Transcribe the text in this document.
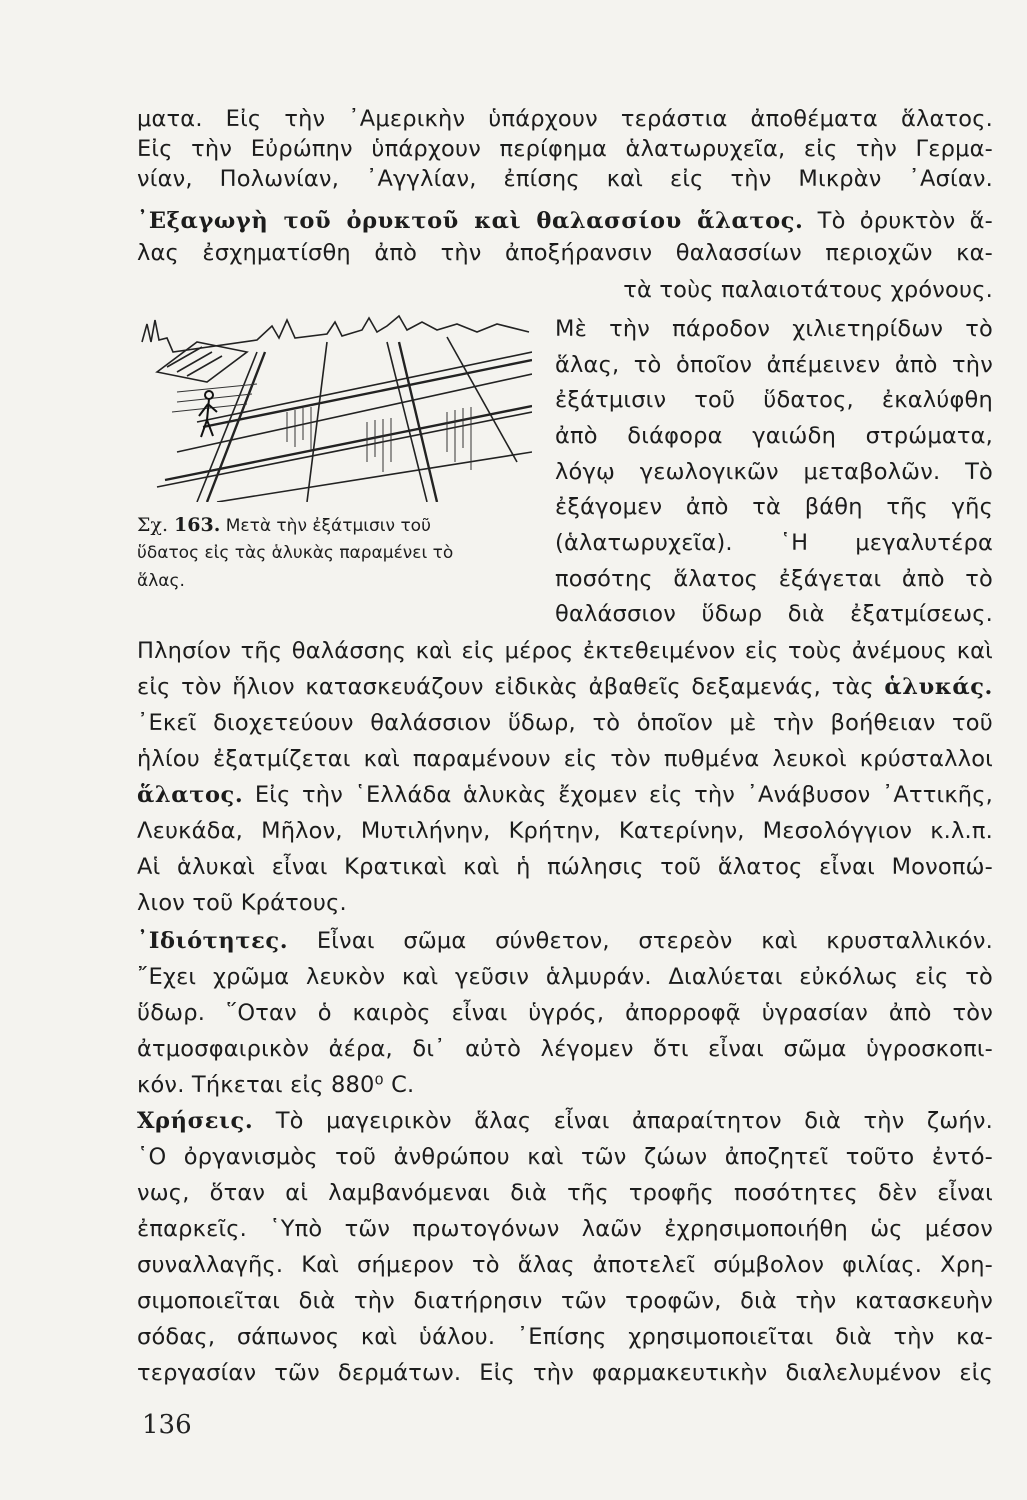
ματα. Εἰς τὴν ᾿Αμερικὴν ὑπάρχουν τεράστια ἀποθέματα ἅλατος.
Εἰς τὴν Εὐρώπην ὑπάρχουν περίφημα ἁλατωρυχεῖα, εἰς τὴν Γερμα-
νίαν, Πολωνίαν, ᾿Αγγλίαν, ἐπίσης καὶ εἰς τὴν Μικρὰν ᾿Ασίαν.
᾿Εξαγωγὴ τοῦ ὀρυκτοῦ καὶ θαλασσίου ἅλατος. Τὸ ὀρυκτὸν ἅ-
λας ἐσχηματίσθη ἀπὸ τὴν ἀποξήρανσιν θαλασσίων περιοχῶν κα-
τὰ τοὺς παλαιοτάτους χρόνους.
Μὲ τὴν πάροδον χιλιετηρίδων τὸ
ἅλας, τὸ ὁποῖον ἀπέμεινεν ἀπὸ τὴν
ἐξάτμισιν τοῦ ὕδατος, ἐκαλύφθη
ἀπὸ διάφορα γαιώδη στρώματα,
λόγῳ γεωλογικῶν μεταβολῶν. Τὸ
ἐξάγομεν ἀπὸ τὰ βάθη τῆς γῆς
(ἁλατωρυχεῖα). ῾Η μεγαλυτέρα
ποσότης ἅλατος ἐξάγεται ἀπὸ τὸ
θαλάσσιον ὕδωρ διὰ ἐξατμίσεως.
Σχ. 163. Μετὰ τὴν ἐξάτμισιν τοῦ
ὕδατος εἰς τὰς ἁλυκὰς παραμένει τὸ
ἅλας.
Πλησίον τῆς θαλάσσης καὶ εἰς μέρος ἐκτεθειμένον εἰς τοὺς ἀνέμους καὶ
εἰς τὸν ἥλιον κατασκευάζουν εἰδικὰς ἀβαθεῖς δεξαμενάς, τὰς ἁλυκάς.
᾿Εκεῖ διοχετεύουν θαλάσσιον ὕδωρ, τὸ ὁποῖον μὲ τὴν βοήθειαν τοῦ
ἡλίου ἐξατμίζεται καὶ παραμένουν εἰς τὸν πυθμένα λευκοὶ κρύσταλλοι
ἅλατος. Εἰς τὴν ῾Ελλάδα ἁλυκὰς ἔχομεν εἰς τὴν ᾿Ανάβυσον ᾿Αττικῆς,
Λευκάδα, Μῆλον, Μυτιλήνην, Κρήτην, Κατερίνην, Μεσολόγγιον κ.λ.π.
Αἱ ἁλυκαὶ εἶναι Κρατικαὶ καὶ ἡ πώλησις τοῦ ἅλατος εἶναι Μονοπώ-
λιον τοῦ Κράτους.
᾿Ιδιότητες. Εἶναι σῶμα σύνθετον, στερεὸν καὶ κρυσταλλικόν.
῎Εχει χρῶμα λευκὸν καὶ γεῦσιν ἁλμυράν. Διαλύεται εὐκόλως εἰς τὸ
ὕδωρ. ῞Οταν ὁ καιρὸς εἶναι ὑγρός, ἀπορροφᾷ ὑγρασίαν ἀπὸ τὸν
ἀτμοσφαιρικὸν ἀέρα, δι᾿ αὐτὸ λέγομεν ὅτι εἶναι σῶμα ὑγροσκοπι-
κόν. Τήκεται εἰς 880⁰ C.
Χρήσεις. Τὸ μαγειρικὸν ἅλας εἶναι ἀπαραίτητον διὰ τὴν ζωήν.
῾Ο ὀργανισμὸς τοῦ ἀνθρώπου καὶ τῶν ζώων ἀποζητεῖ τοῦτο ἐντό-
νως, ὅταν αἱ λαμβανόμεναι διὰ τῆς τροφῆς ποσότητες δὲν εἶναι
ἐπαρκεῖς. ῾Υπὸ τῶν πρωτογόνων λαῶν ἐχρησιμοποιήθη ὡς μέσον
συναλλαγῆς. Καὶ σήμερον τὸ ἅλας ἀποτελεῖ σύμβολον φιλίας. Χρη-
σιμοποιεῖται διὰ τὴν διατήρησιν τῶν τροφῶν, διὰ τὴν κατασκευὴν
σόδας, σάπωνος καὶ ὑάλου. ᾿Επίσης χρησιμοποιεῖται διὰ τὴν κα-
τεργασίαν τῶν δερμάτων. Εἰς τὴν φαρμακευτικὴν διαλελυμένον εἰς
136
